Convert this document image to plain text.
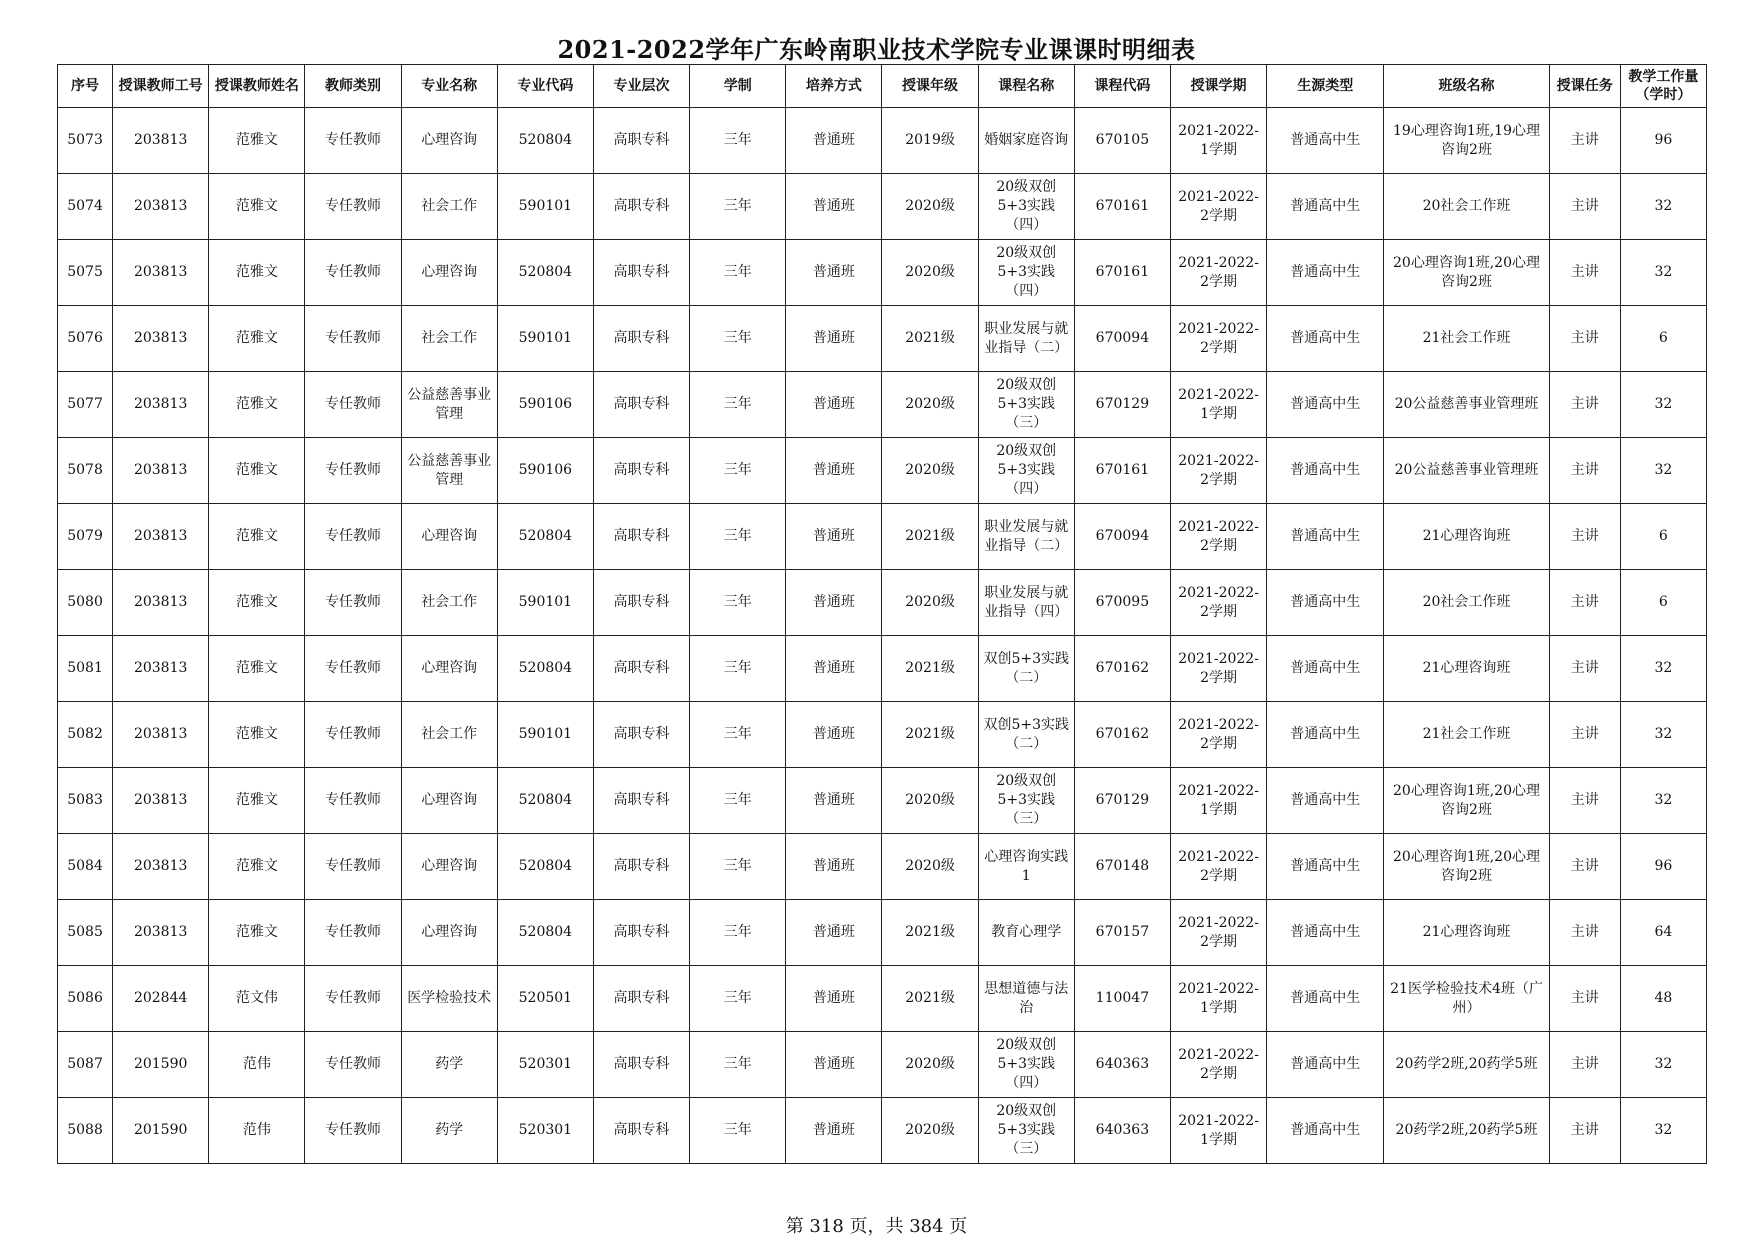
2021-2022学年广东岭南职业技术学院专业课课时明细表
序号	授课教师工号	授课教师姓名	教师类别	专业名称	专业代码	专业层次	学制	培养方式	授课年级	课程名称	课程代码	授课学期	生源类型	班级名称	授课任务	教学工作量（学时）
5073	203813	范雅文	专任教师	心理咨询	520804	高职专科	三年	普通班	2019级	婚姻家庭咨询	670105	2021-2022-1学期	普通高中生	19心理咨询1班,19心理咨询2班	主讲	96
5074	203813	范雅文	专任教师	社会工作	590101	高职专科	三年	普通班	2020级	20级双创5+3实践（四）	670161	2021-2022-2学期	普通高中生	20社会工作班	主讲	32
5075	203813	范雅文	专任教师	心理咨询	520804	高职专科	三年	普通班	2020级	20级双创5+3实践（四）	670161	2021-2022-2学期	普通高中生	20心理咨询1班,20心理咨询2班	主讲	32
5076	203813	范雅文	专任教师	社会工作	590101	高职专科	三年	普通班	2021级	职业发展与就业指导（二）	670094	2021-2022-2学期	普通高中生	21社会工作班	主讲	6
5077	203813	范雅文	专任教师	公益慈善事业管理	590106	高职专科	三年	普通班	2020级	20级双创5+3实践（三）	670129	2021-2022-1学期	普通高中生	20公益慈善事业管理班	主讲	32
5078	203813	范雅文	专任教师	公益慈善事业管理	590106	高职专科	三年	普通班	2020级	20级双创5+3实践（四）	670161	2021-2022-2学期	普通高中生	20公益慈善事业管理班	主讲	32
5079	203813	范雅文	专任教师	心理咨询	520804	高职专科	三年	普通班	2021级	职业发展与就业指导（二）	670094	2021-2022-2学期	普通高中生	21心理咨询班	主讲	6
5080	203813	范雅文	专任教师	社会工作	590101	高职专科	三年	普通班	2020级	职业发展与就业指导（四）	670095	2021-2022-2学期	普通高中生	20社会工作班	主讲	6
5081	203813	范雅文	专任教师	心理咨询	520804	高职专科	三年	普通班	2021级	双创5+3实践（二）	670162	2021-2022-2学期	普通高中生	21心理咨询班	主讲	32
5082	203813	范雅文	专任教师	社会工作	590101	高职专科	三年	普通班	2021级	双创5+3实践（二）	670162	2021-2022-2学期	普通高中生	21社会工作班	主讲	32
5083	203813	范雅文	专任教师	心理咨询	520804	高职专科	三年	普通班	2020级	20级双创5+3实践（三）	670129	2021-2022-1学期	普通高中生	20心理咨询1班,20心理咨询2班	主讲	32
5084	203813	范雅文	专任教师	心理咨询	520804	高职专科	三年	普通班	2020级	心理咨询实践1	670148	2021-2022-2学期	普通高中生	20心理咨询1班,20心理咨询2班	主讲	96
5085	203813	范雅文	专任教师	心理咨询	520804	高职专科	三年	普通班	2021级	教育心理学	670157	2021-2022-2学期	普通高中生	21心理咨询班	主讲	64
5086	202844	范文伟	专任教师	医学检验技术	520501	高职专科	三年	普通班	2021级	思想道德与法治	110047	2021-2022-1学期	普通高中生	21医学检验技术4班（广州）	主讲	48
5087	201590	范伟	专任教师	药学	520301	高职专科	三年	普通班	2020级	20级双创5+3实践（四）	640363	2021-2022-2学期	普通高中生	20药学2班,20药学5班	主讲	32
5088	201590	范伟	专任教师	药学	520301	高职专科	三年	普通班	2020级	20级双创5+3实践（三）	640363	2021-2022-1学期	普通高中生	20药学2班,20药学5班	主讲	32
第 318 页，共 384 页
